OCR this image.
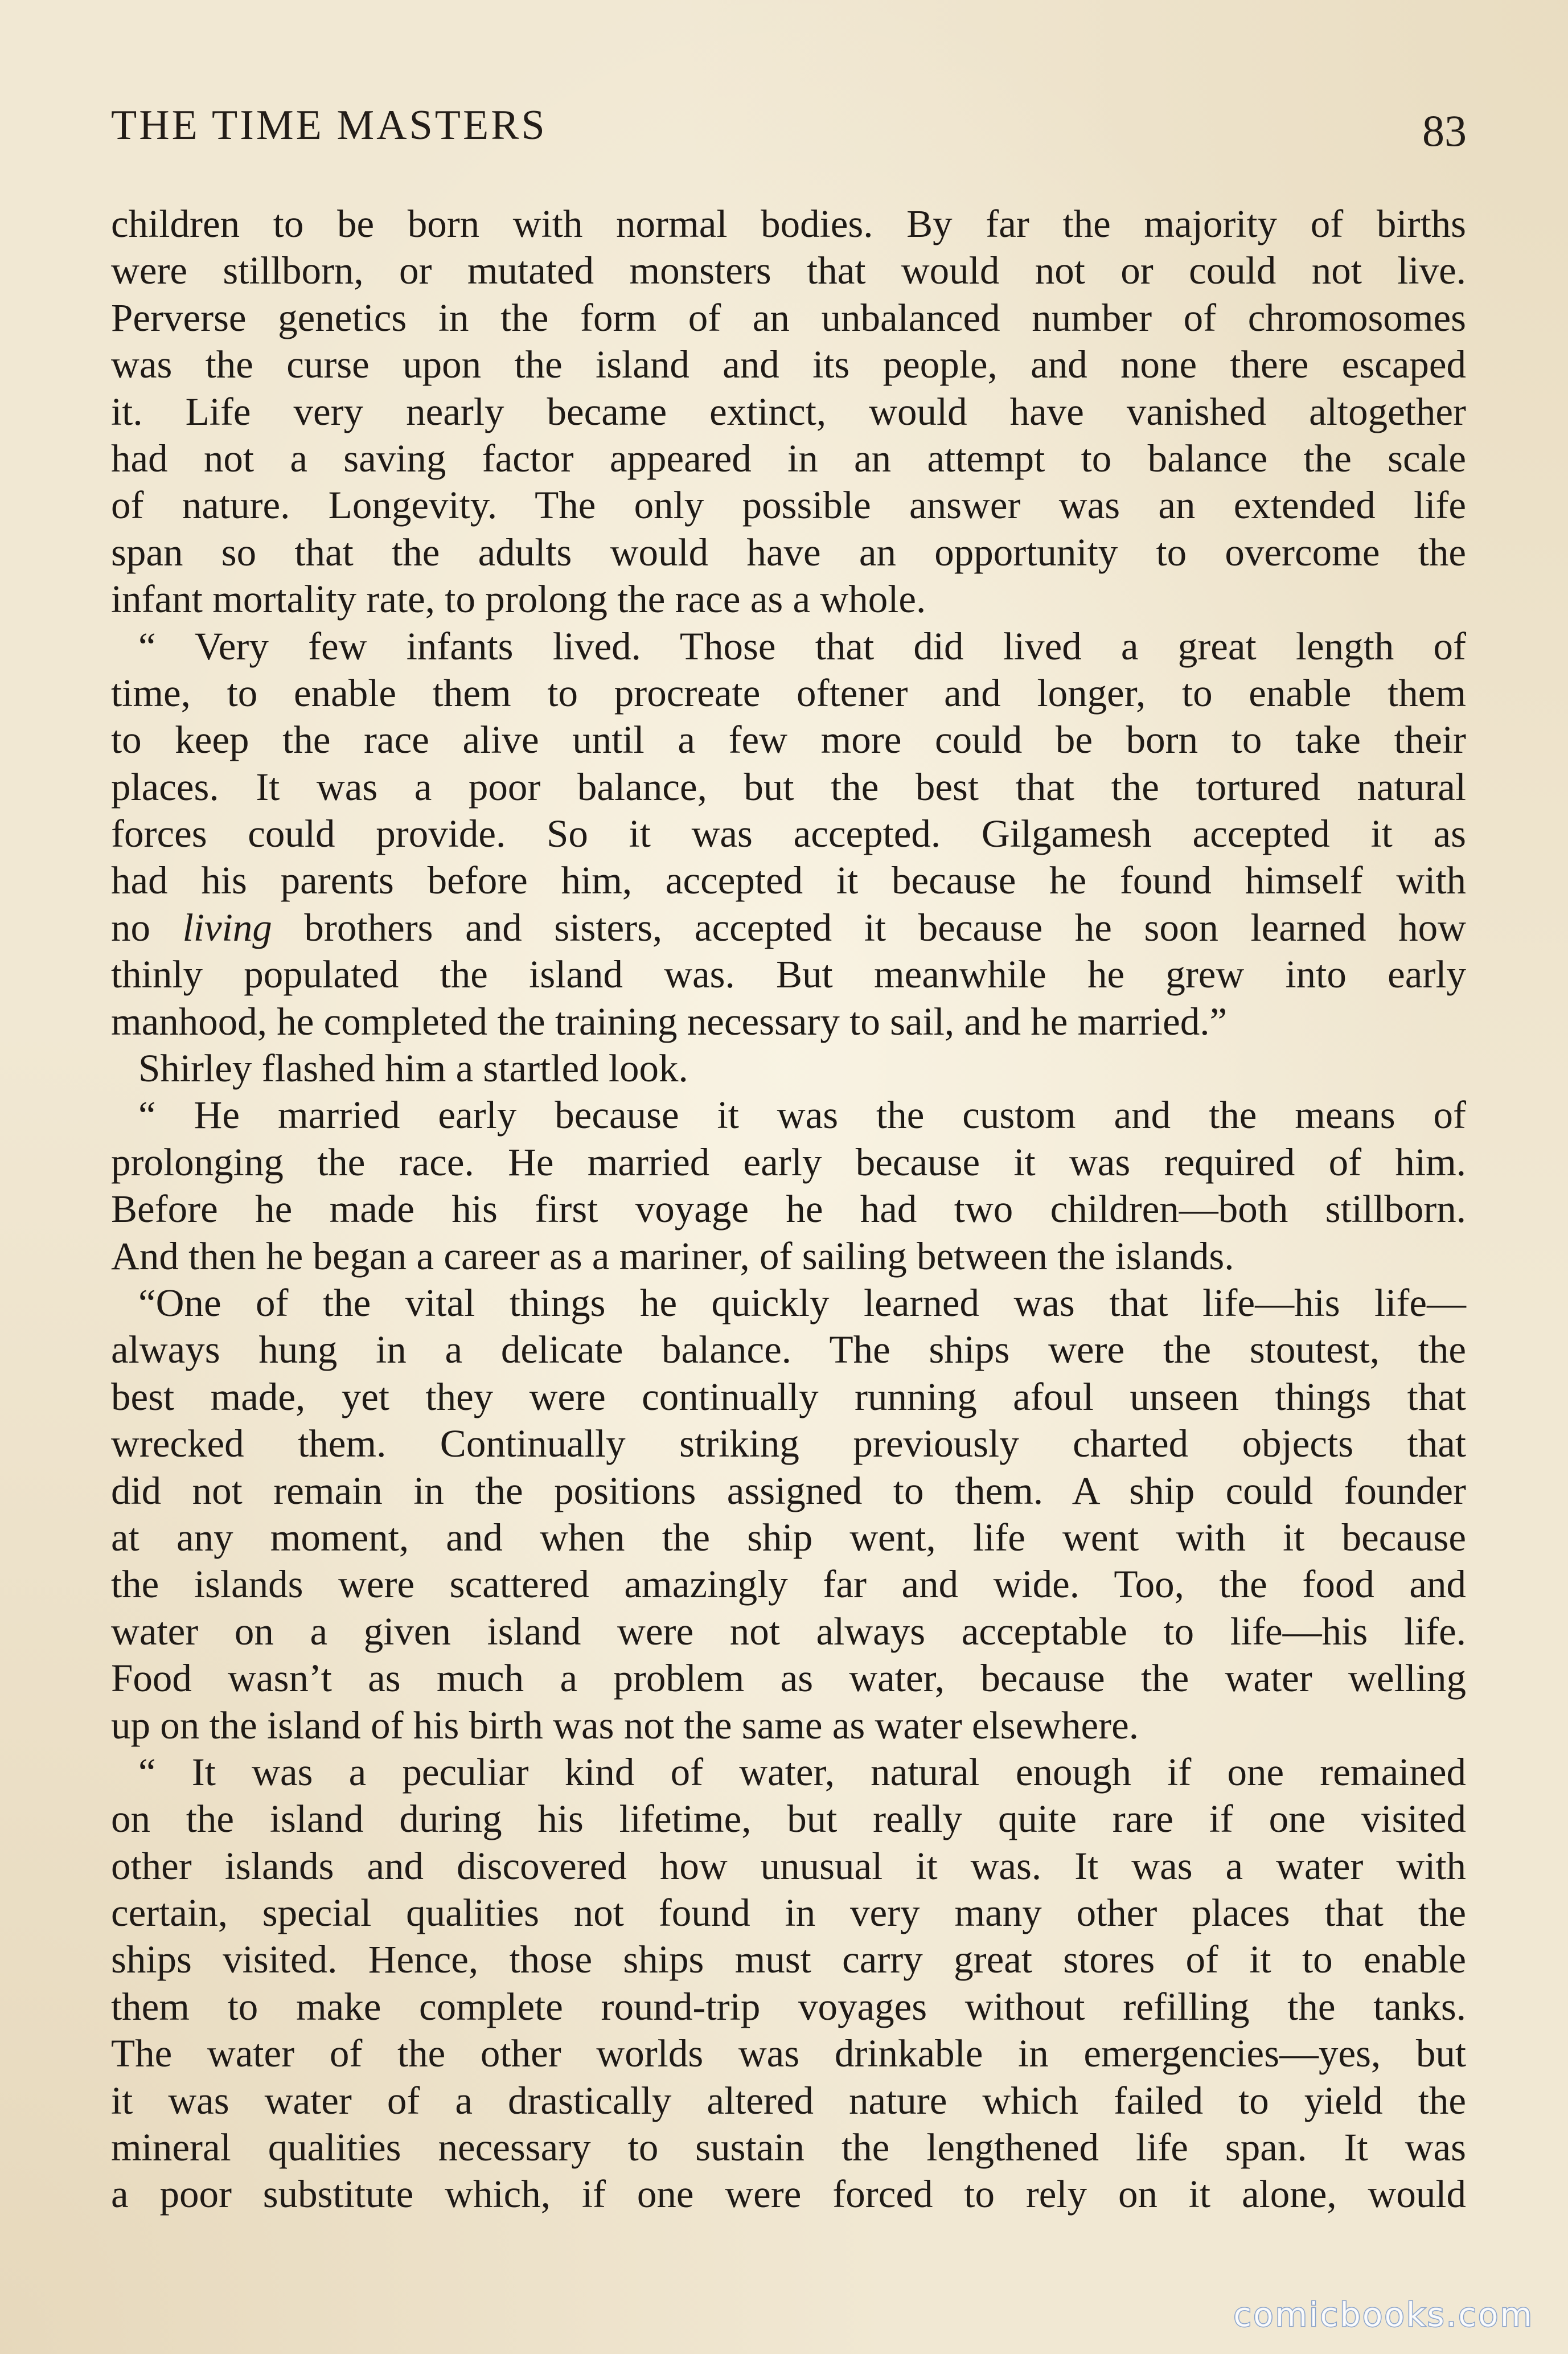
THE TIME MASTERS	83
children to be born with normal bodies. By far the majority of births
were stillborn, or mutated monsters that would not or could not live.
Perverse genetics in the form of an unbalanced number of chromosomes
was the curse upon the island and its people, and none there escaped
it. Life very nearly became extinct, would have vanished altogether
had not a saving factor appeared in an attempt to balance the scale
of nature. Longevity. The only possible answer was an extended life
span so that the adults would have an opportunity to overcome the
infant mortality rate, to prolong the race as a whole.
“ Very few infants lived. Those that did lived a great length of
time, to enable them to procreate oftener and longer, to enable them
to keep the race alive until a few more could be born to take their
places. It was a poor balance, but the best that the tortured natural
forces could provide. So it was accepted. Gilgamesh accepted it as
had his parents before him, accepted it because he found himself with
no living brothers and sisters, accepted it because he soon learned how
thinly populated the island was. But meanwhile he grew into early
manhood, he completed the training necessary to sail, and he married.”
Shirley flashed him a startled look.
“ He married early because it was the custom and the means of
prolonging the race. He married early because it was required of him.
Before he made his first voyage he had two children—both stillborn.
And then he began a career as a mariner, of sailing between the islands.
“One of the vital things he quickly learned was that life—his life—
always hung in a delicate balance. The ships were the stoutest, the
best made, yet they were continually running afoul unseen things that
wrecked them. Continually striking previously charted objects that
did not remain in the positions assigned to them. A ship could founder
at any moment, and when the ship went, life went with it because
the islands were scattered amazingly far and wide. Too, the food and
water on a given island were not always acceptable to life—his life.
Food wasn’t as much a problem as water, because the water welling
up on the island of his birth was not the same as water elsewhere.
“ It was a peculiar kind of water, natural enough if one remained
on the island during his lifetime, but really quite rare if one visited
other islands and discovered how unusual it was. It was a water with
certain, special qualities not found in very many other places that the
ships visited. Hence, those ships must carry great stores of it to enable
them to make complete round-trip voyages without refilling the tanks.
The water of the other worlds was drinkable in emergencies—yes, but
it was water of a drastically altered nature which failed to yield the
mineral qualities necessary to sustain the lengthened life span. It was
a poor substitute which, if one were forced to rely on it alone, would
comicbooks.com
